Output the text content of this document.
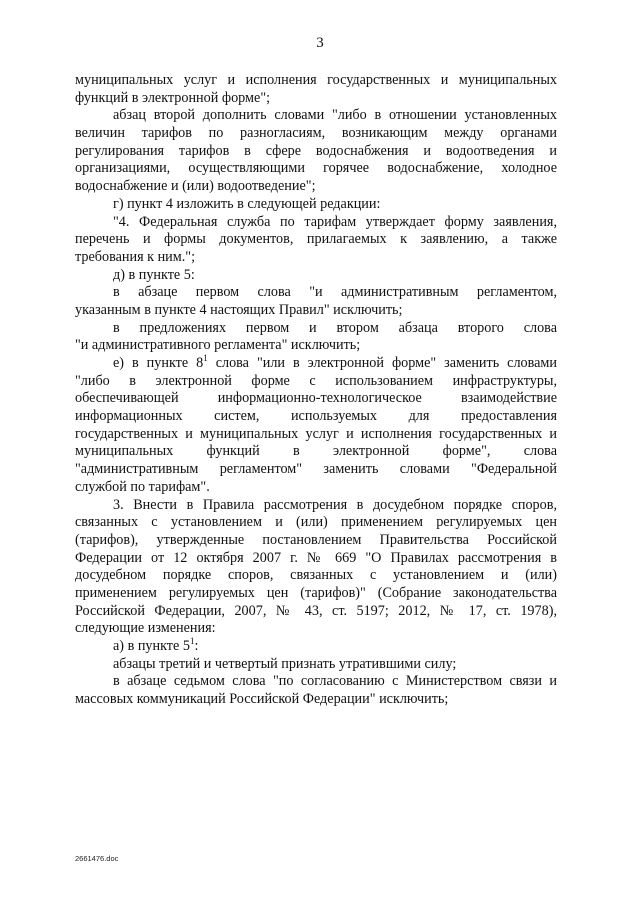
3
муниципальных услуг и исполнения государственных и муниципальных
функций в электронной форме";
абзац второй дополнить словами "либо в отношении установленных
величин тарифов по разногласиям, возникающим между органами
регулирования тарифов в сфере водоснабжения и водоотведения и
организациями, осуществляющими горячее водоснабжение, холодное
водоснабжение и (или) водоотведение";
г) пункт 4 изложить в следующей редакции:
"4. Федеральная служба по тарифам утверждает форму заявления,
перечень и формы документов, прилагаемых к заявлению, а также
требования к ним.";
д) в пункте 5:
в абзаце первом слова "и административным регламентом,
указанным в пункте 4 настоящих Правил" исключить;
в предложениях первом и втором абзаца второго слова
"и административного регламента" исключить;
е) в пункте $8^1$ слова "или в электронной форме" заменить словами
"либо в электронной форме с использованием инфраструктуры,
обеспечивающей информационно-технологическое взаимодействие
информационных систем, используемых для предоставления
государственных и муниципальных услуг и исполнения государственных и
муниципальных функций в электронной форме", слова
"административным регламентом" заменить словами "Федеральной
службой по тарифам".
3. Внести в Правила рассмотрения в досудебном порядке споров,
связанных с установлением и (или) применением регулируемых цен
(тарифов), утвержденные постановлением Правительства Российской
Федерации от 12 октября 2007 г. № 669 "О Правилах рассмотрения в
досудебном порядке споров, связанных с установлением и (или)
применением регулируемых цен (тарифов)" (Собрание законодательства
Российской Федерации, 2007, № 43, ст. 5197; 2012, № 17, ст. 1978),
следующие изменения:
а) в пункте $5^1$:
абзацы третий и четвертый признать утратившими силу;
в абзаце седьмом слова "по согласованию с Министерством связи и
массовых коммуникаций Российской Федерации" исключить;
2661476.doc
